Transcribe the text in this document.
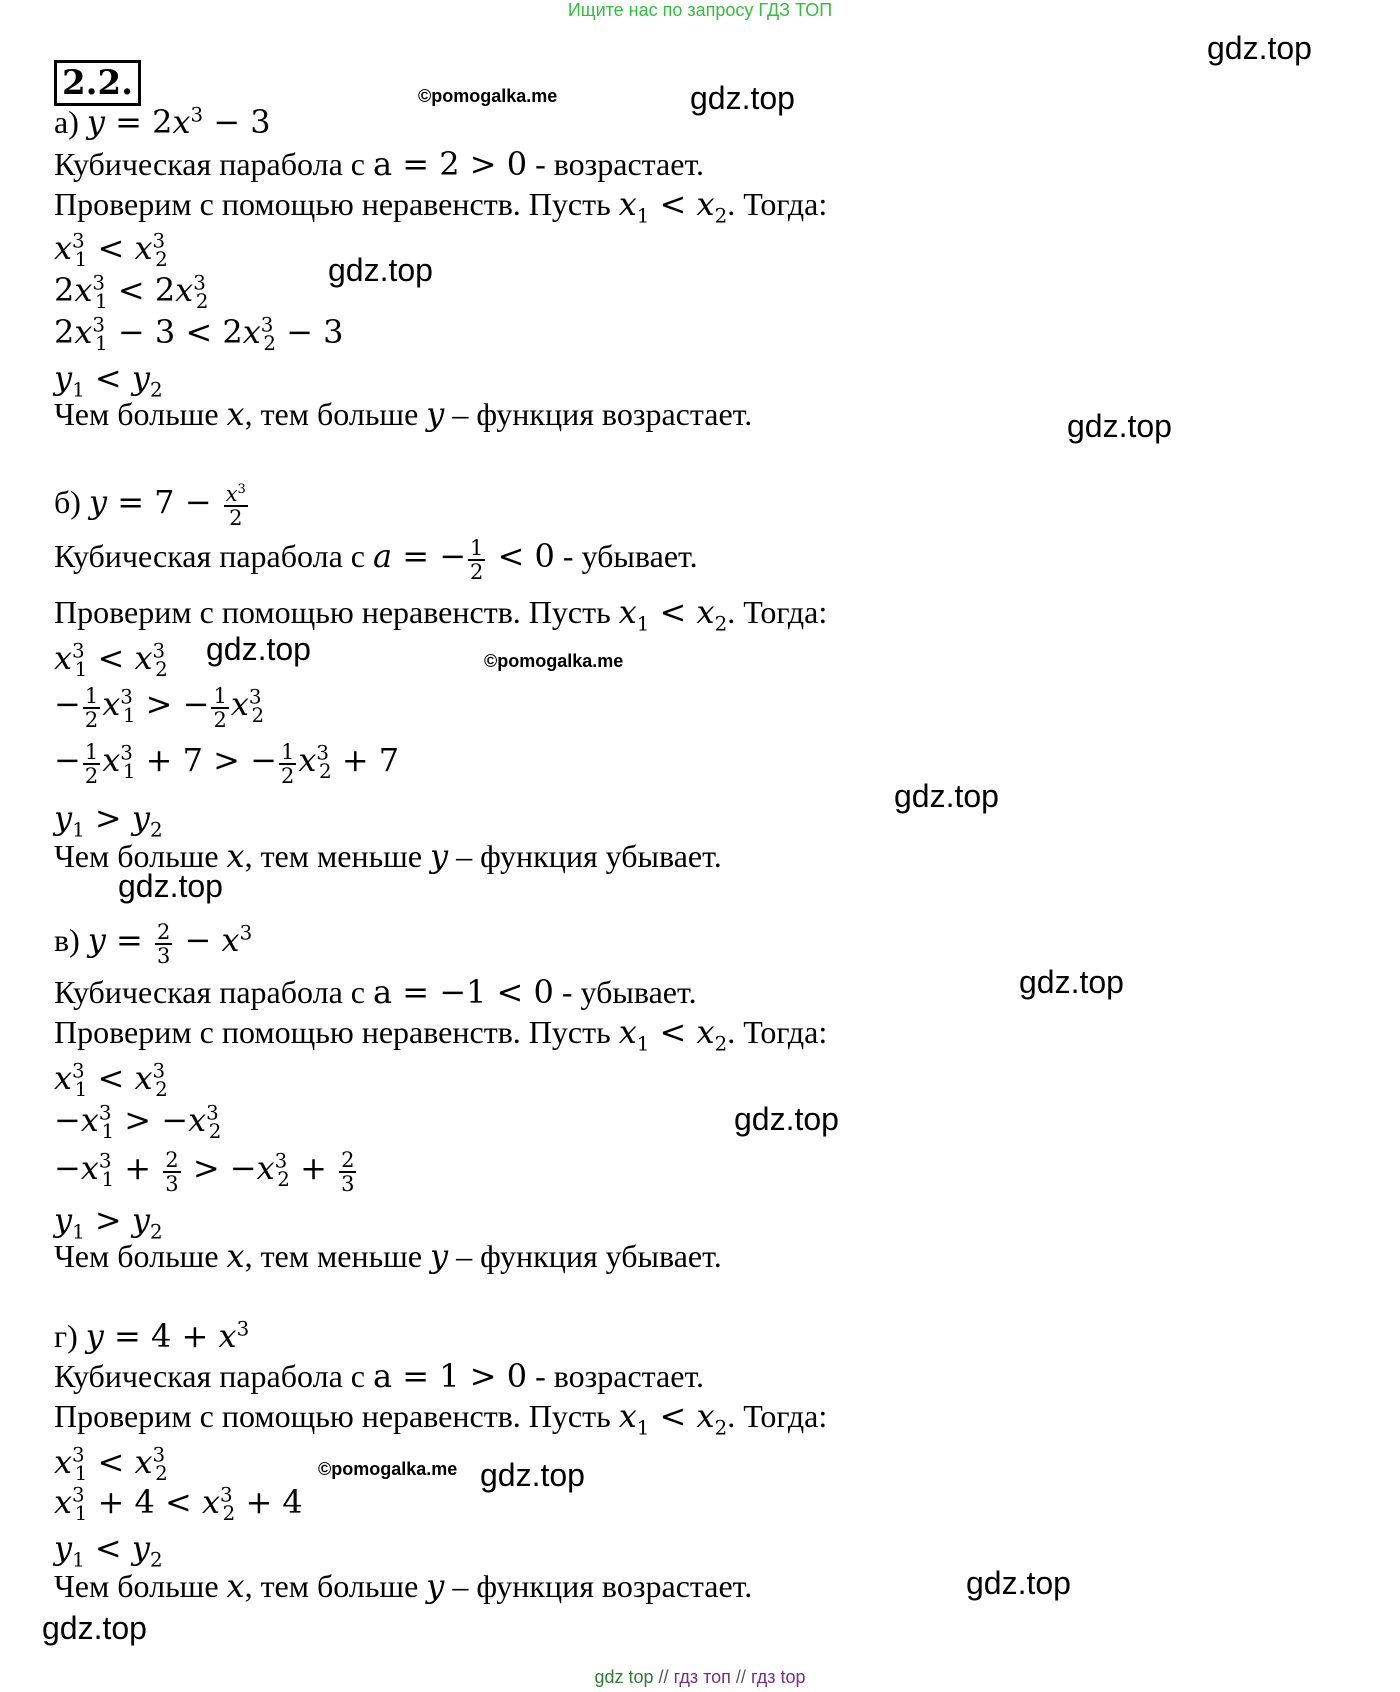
Ищите нас по запросу ГДЗ ТОП
2.2.
gdz.top
©pomogalka.me	gdz.top
gdz.top
gdz.top
gdz.top	©pomogalka.me
gdz.top
gdz.top
gdz.top
gdz.top
©pomogalka.me gdz.top
gdz.top
gdz.top
а) $y = 2x^3 - 3$
Кубическая парабола с a = 2 > 0 - возрастает.
Проверим с помощью неравенств. Пусть $x_1 < x_2$. Тогда:
$x^3_1 < x^3_2$
$2x^3_1 < 2x^3_2$
$2x^3_1 - 3 < 2x^3_2 - 3$
$y_1 < y_2$
Чем больше x, тем больше y – функция возрастает.
б) $y = 7 - \frac{x^3}{2}$
Кубическая парабола с a = − $\frac{1}{2} < 0$ - убывает.
Проверим с помощью неравенств. Пусть $x_1 < x_2$. Тогда:
$x^3_1 < x^3_2$
− $\frac{1}{2} x^3_1$ > − $\frac{1}{2} x^3_2$
− $\frac{1}{2} x^3_1 + 7$ > − $\frac{1}{2} x^3_2 + 7$
$y_1 > y_2$
Чем больше x, тем меньше y – функция убывает.
в) $y = \frac{2}{3} - x^3$
Кубическая парабола с a = −1 < 0 - убывает.
Проверим с помощью неравенств. Пусть $x_1 < x_2$. Тогда:
$x^3_1 < x^3_2$
$-x^3_1 > -x^3_2$
$-x^3_1 + \frac{2}{3} > -x^3_2 + \frac{2}{3}$
$y_1 > y_2$
Чем больше x, тем меньше y – функция убывает.
г) $y = 4 + x^3$
Кубическая парабола с a = 1 > 0 - возрастает.
Проверим с помощью неравенств. Пусть $x_1 < x_2$. Тогда:
$x^3_1 < x^3_2$
$x^3_1 + 4 < x^3_2 + 4$
$y_1 < y_2$
Чем больше x, тем больше y – функция возрастает.
gdz top // гдз топ // гдз top
